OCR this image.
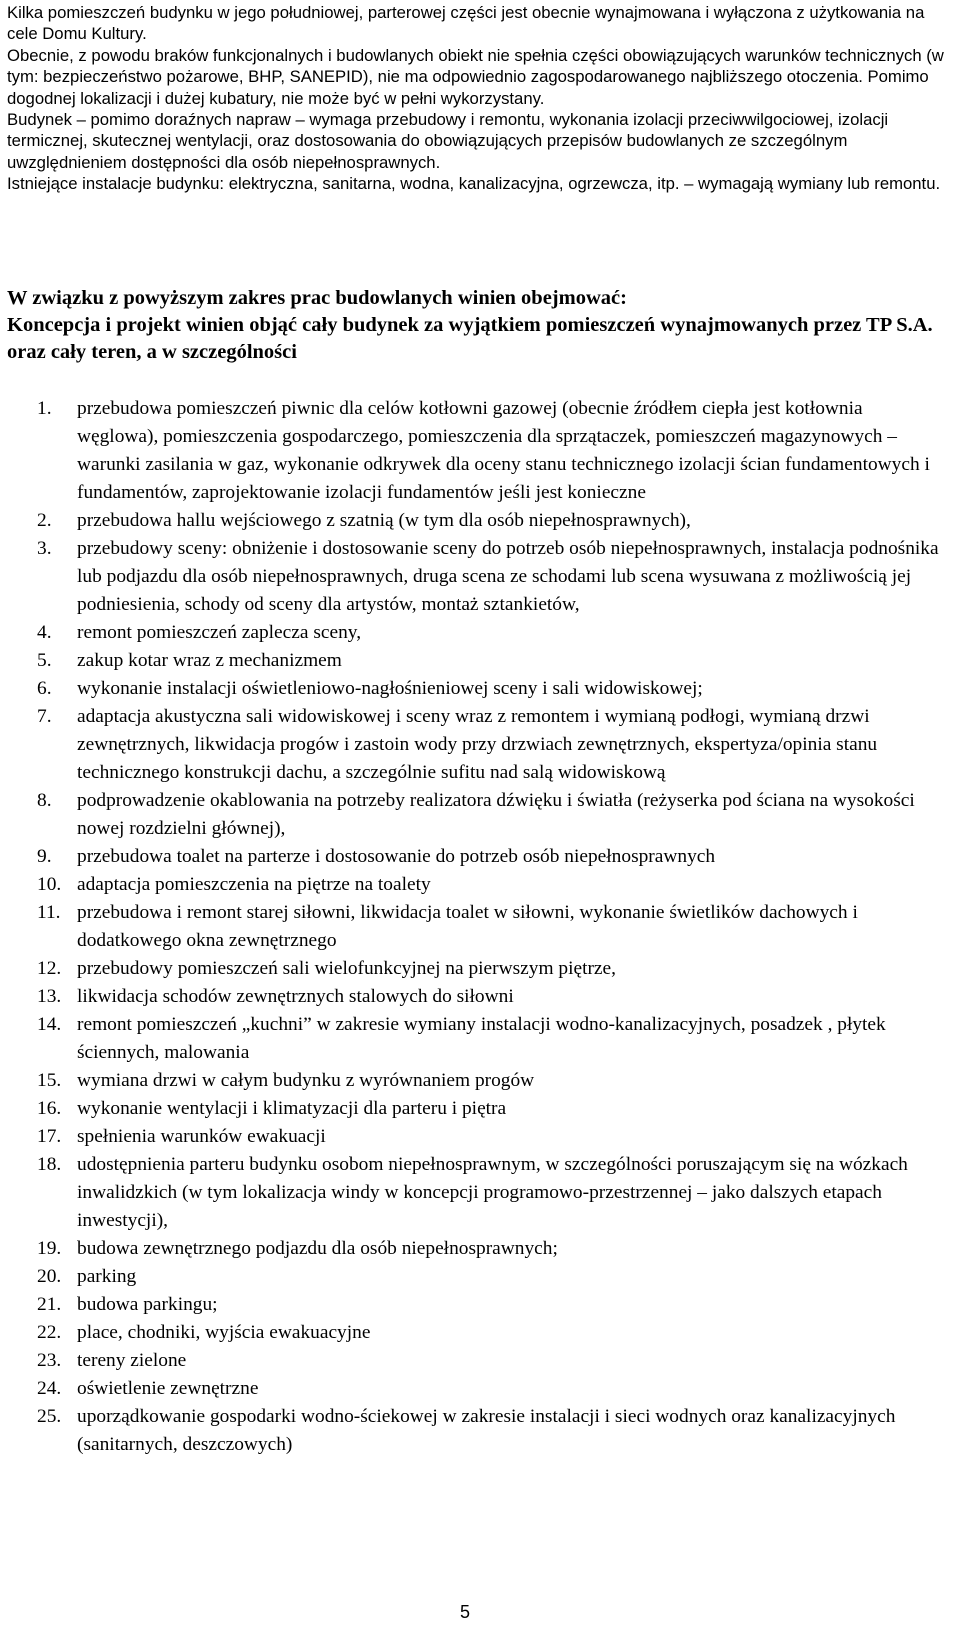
Kilka pomieszczeń budynku w jego południowej, parterowej części jest obecnie wynajmowana i wyłączona z użytkowania na cele Domu Kultury.

Obecnie, z powodu braków funkcjonalnych i budowlanych obiekt nie spełnia części obowiązujących warunków technicznych (w tym: bezpieczeństwo pożarowe, BHP, SANEPID), nie ma odpowiednio zagospodarowanego najbliższego otoczenia. Pomimo dogodnej lokalizacji i dużej kubatury, nie może być w pełni wykorzystany.

Budynek – pomimo doraźnych napraw – wymaga przebudowy i remontu, wykonania izolacji przeciwwilgociowej, izolacji termicznej, skutecznej wentylacji, oraz dostosowania do obowiązujących przepisów budowlanych ze szczególnym uwzględnieniem dostępności dla osób niepełnosprawnych.

Istniejące instalacje budynku: elektryczna, sanitarna, wodna, kanalizacyjna, ogrzewcza, itp. – wymagają wymiany lub remontu.

W związku z powyższym zakres prac budowlanych winien obejmować:

Koncepcja i projekt winien objąć cały budynek za wyjątkiem pomieszczeń wynajmowanych przez TP S.A. oraz cały teren, a w szczególności

1. przebudowa pomieszczeń piwnic dla celów kotłowni gazowej (obecnie źródłem ciepła jest kotłownia węglowa), pomieszczenia gospodarczego, pomieszczenia dla sprzątaczek, pomieszczeń magazynowych – warunki zasilania w gaz, wykonanie odkrywek dla oceny stanu technicznego izolacji ścian fundamentowych i fundamentów, zaprojektowanie izolacji fundamentów jeśli jest konieczne
2. przebudowa hallu wejściowego z szatnią (w tym dla osób niepełnosprawnych),
3. przebudowy sceny: obniżenie i dostosowanie sceny do potrzeb osób niepełnosprawnych, instalacja podnośnika lub podjazdu dla osób niepełnosprawnych, druga scena ze schodami lub scena wysuwana z możliwością jej podniesienia, schody od sceny dla artystów, montaż sztankietów,
4. remont pomieszczeń zaplecza sceny,
5. zakup kotar wraz z mechanizmem
6. wykonanie instalacji oświetleniowo-nagłośnieniowej sceny i sali widowiskowej;
7. adaptacja akustyczna sali widowiskowej i sceny wraz z remontem i wymianą podłogi, wymianą drzwi zewnętrznych, likwidacja progów i zastoin wody przy drzwiach zewnętrznych, ekspertyza/opinia stanu technicznego konstrukcji dachu, a szczególnie sufitu nad salą widowiskową
8. podprowadzenie okablowania na potrzeby realizatora dźwięku i światła (reżyserka pod ściana na wysokości nowej rozdzielni głównej),
9. przebudowa toalet na parterze i dostosowanie do potrzeb osób niepełnosprawnych
10. adaptacja pomieszczenia na piętrze na toalety
11. przebudowa i remont starej siłowni, likwidacja toalet w siłowni, wykonanie świetlików dachowych i dodatkowego okna zewnętrznego
12. przebudowy pomieszczeń sali wielofunkcyjnej na pierwszym piętrze,
13. likwidacja schodów zewnętrznych stalowych do siłowni
14. remont pomieszczeń „kuchni” w zakresie wymiany instalacji wodno-kanalizacyjnych, posadzek , płytek ściennych, malowania
15. wymiana drzwi w całym budynku z wyrównaniem progów
16. wykonanie wentylacji i klimatyzacji dla parteru i piętra
17. spełnienia warunków ewakuacji
18. udostępnienia parteru budynku osobom niepełnosprawnym, w szczególności poruszającym się na wózkach inwalidzkich (w tym lokalizacja windy w koncepcji programowo-przestrzennej – jako dalszych etapach inwestycji),
19. budowa zewnętrznego podjazdu dla osób niepełnosprawnych;
20. parking
21. budowa parkingu;
22. place, chodniki, wyjścia ewakuacyjne
23. tereny zielone
24. oświetlenie zewnętrzne
25. uporządkowanie gospodarki wodno-ściekowej w zakresie instalacji i sieci wodnych oraz kanalizacyjnych (sanitarnych, deszczowych)
5
